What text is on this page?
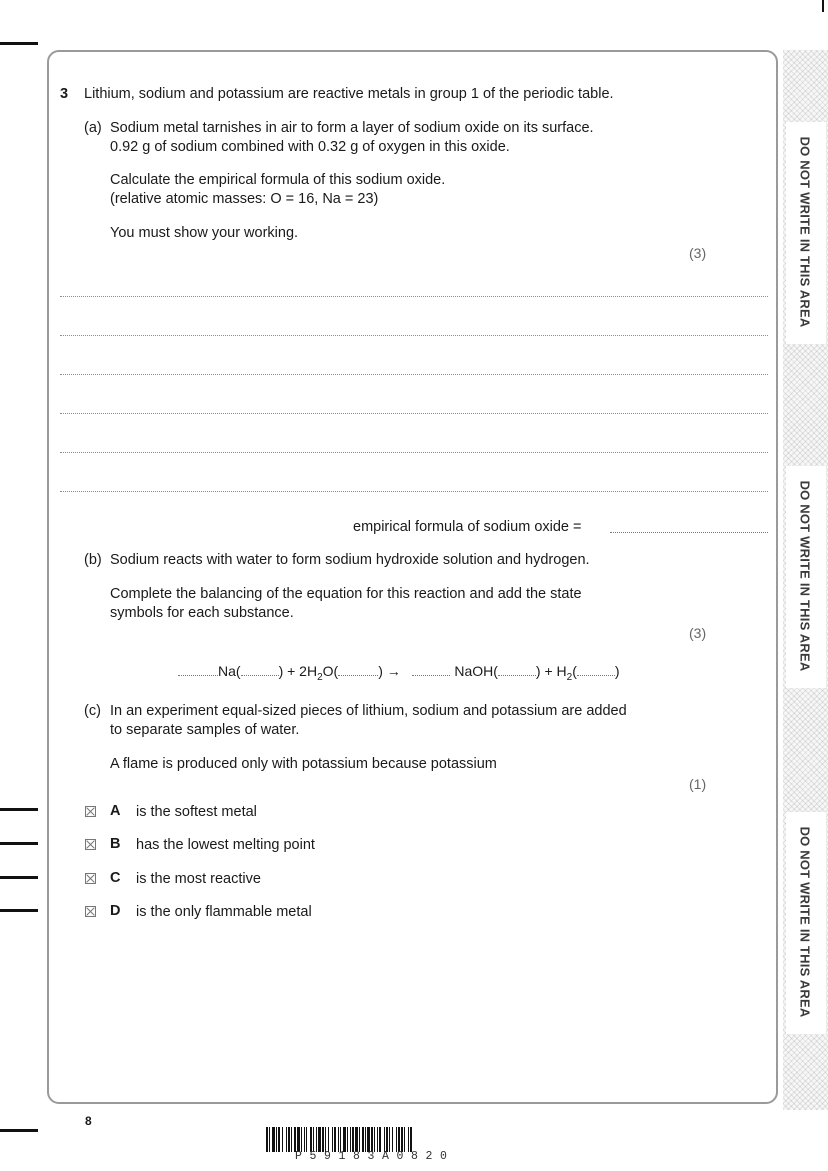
DO NOT WRITE IN THIS AREA
DO NOT WRITE IN THIS AREA
DO NOT WRITE IN THIS AREA
3 Lithium, sodium and potassium are reactive metals in group 1 of the periodic table.
(a) Sodium metal tarnishes in air to form a layer of sodium oxide on its surface.
0.92 g of sodium combined with 0.32 g of oxygen in this oxide.
Calculate the empirical formula of this sodium oxide.
(relative atomic masses: O = 16, Na = 23)
You must show your working.
(3)
empirical formula of sodium oxide =
(b) Sodium reacts with water to form sodium hydroxide solution and hydrogen.
Complete the balancing of the equation for this reaction and add the state
symbols for each substance.
(3)
Na(	) + $2H_2O$(	) →	NaOH(	) + $H_2$(	)
(c) In an experiment equal-sized pieces of lithium, sodium and potassium are added
to separate samples of water.
A flame is produced only with potassium because potassium
(1)
A is the softest metal
B has the lowest melting point
C is the most reactive
D is the only flammable metal
8
P59183A0820
